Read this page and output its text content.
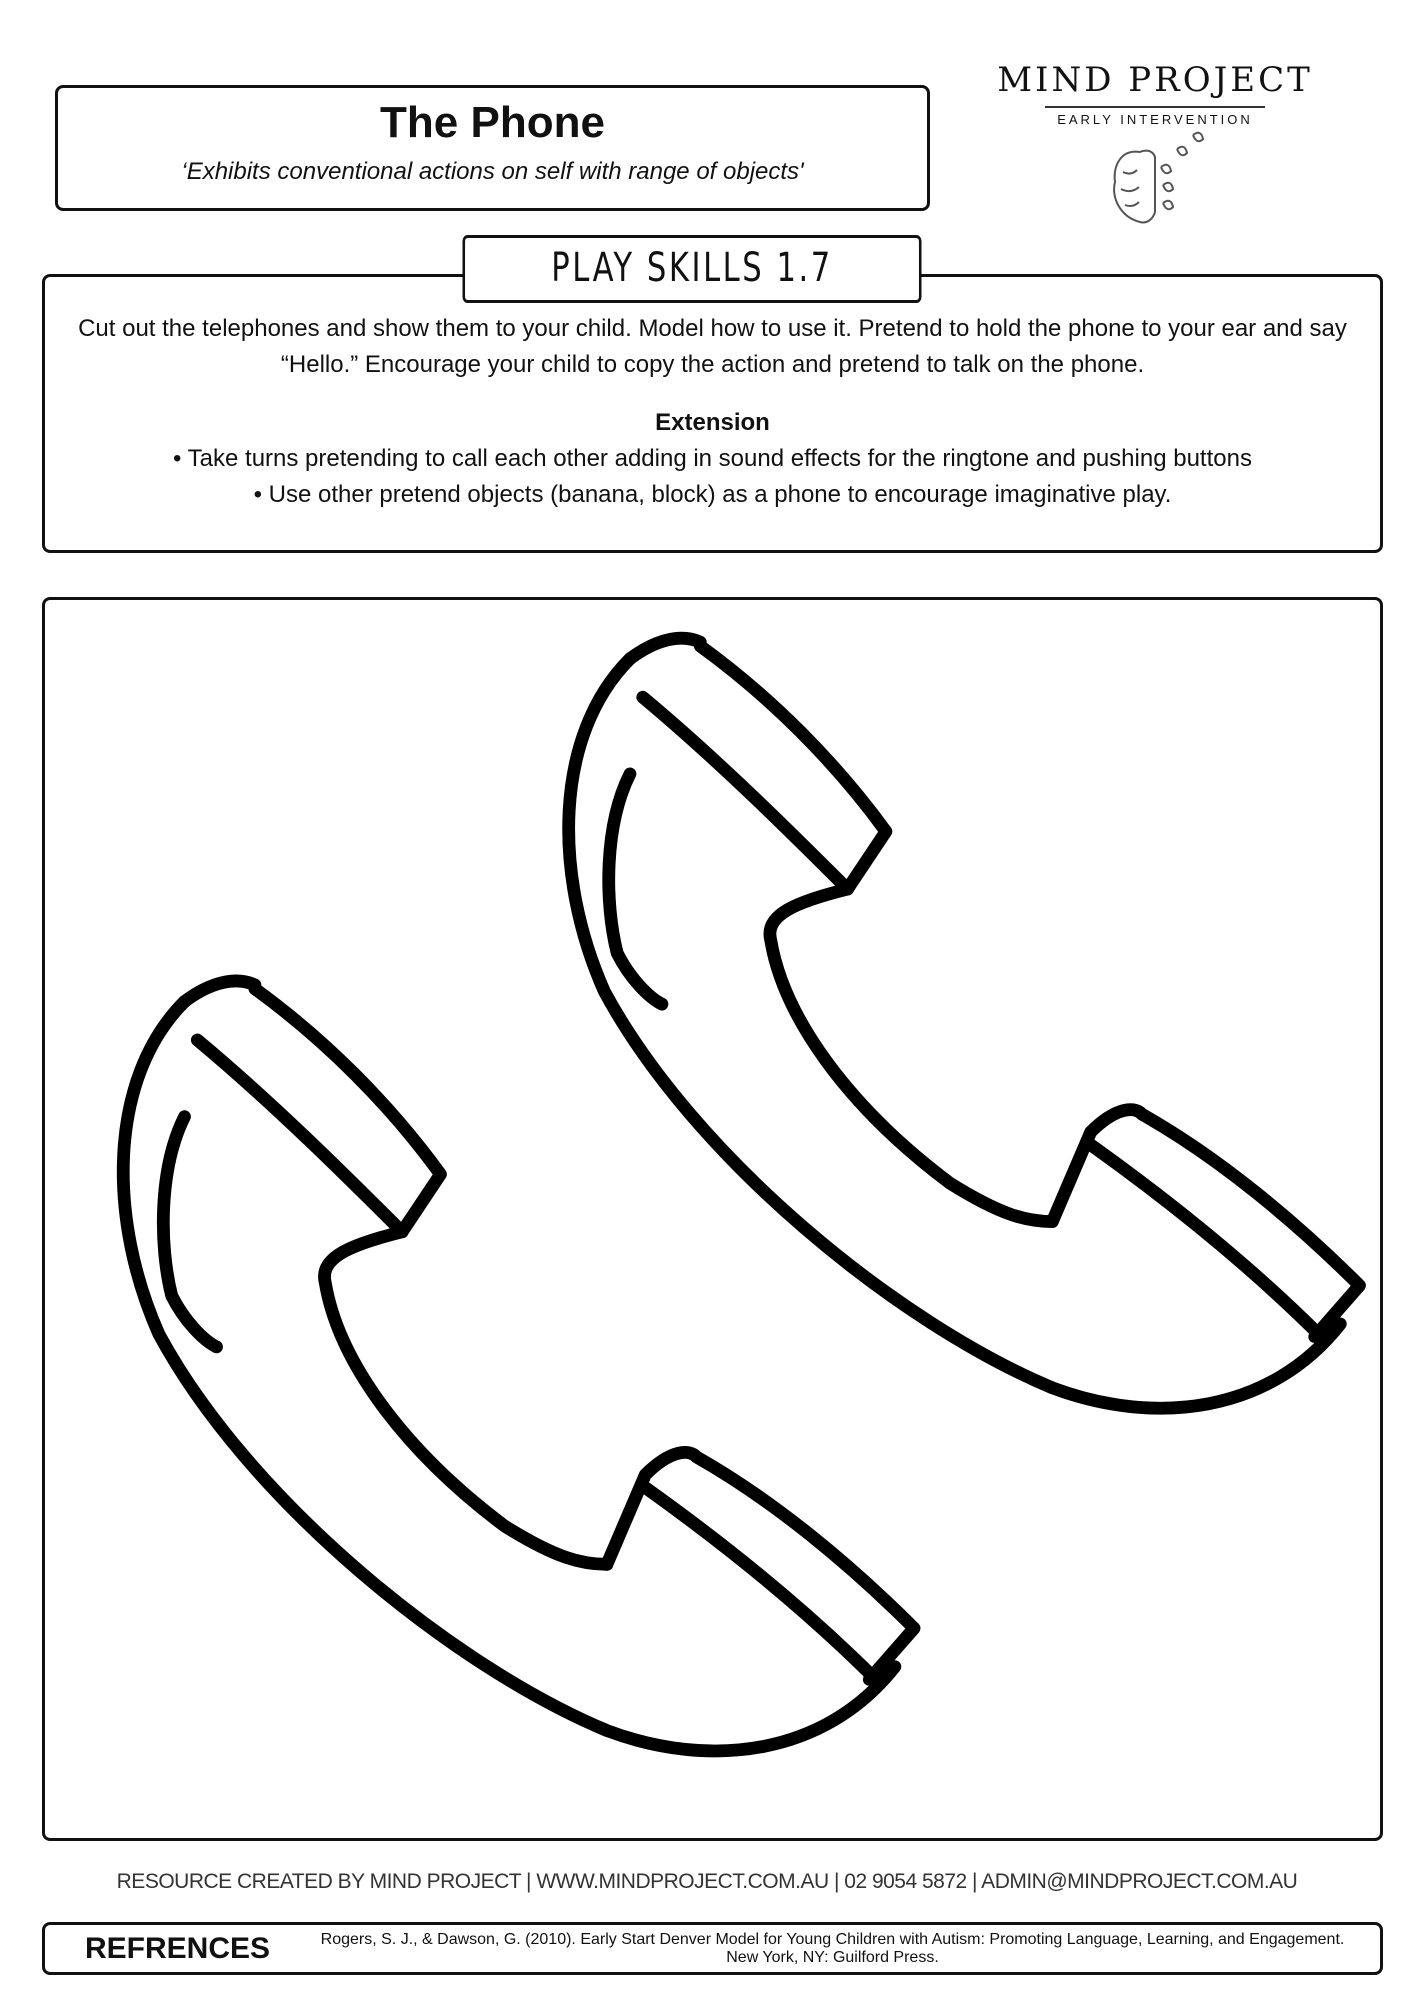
The Phone
‘Exhibits conventional actions on self with range of objects'
MIND PROJECT
EARLY INTERVENTION
PLAY SKILLS 1.7
Cut out the telephones and show them to your child. Model how to use it. Pretend to hold the phone to your ear and say “Hello.” Encourage your child to copy the action and pretend to talk on the phone.
Extension
• Take turns pretending to call each other adding in sound effects for the ringtone and pushing buttons
• Use other pretend objects (banana, block) as a phone to encourage imaginative play.
RESOURCE CREATED BY MIND PROJECT | WWW.MINDPROJECT.COM.AU | 02 9054 5872 | ADMIN@MINDPROJECT.COM.AU
REFRENCES	Rogers, S. J., & Dawson, G. (2010). Early Start Denver Model for Young Children with Autism: Promoting Language, Learning, and Engagement. New York, NY: Guilford Press.
